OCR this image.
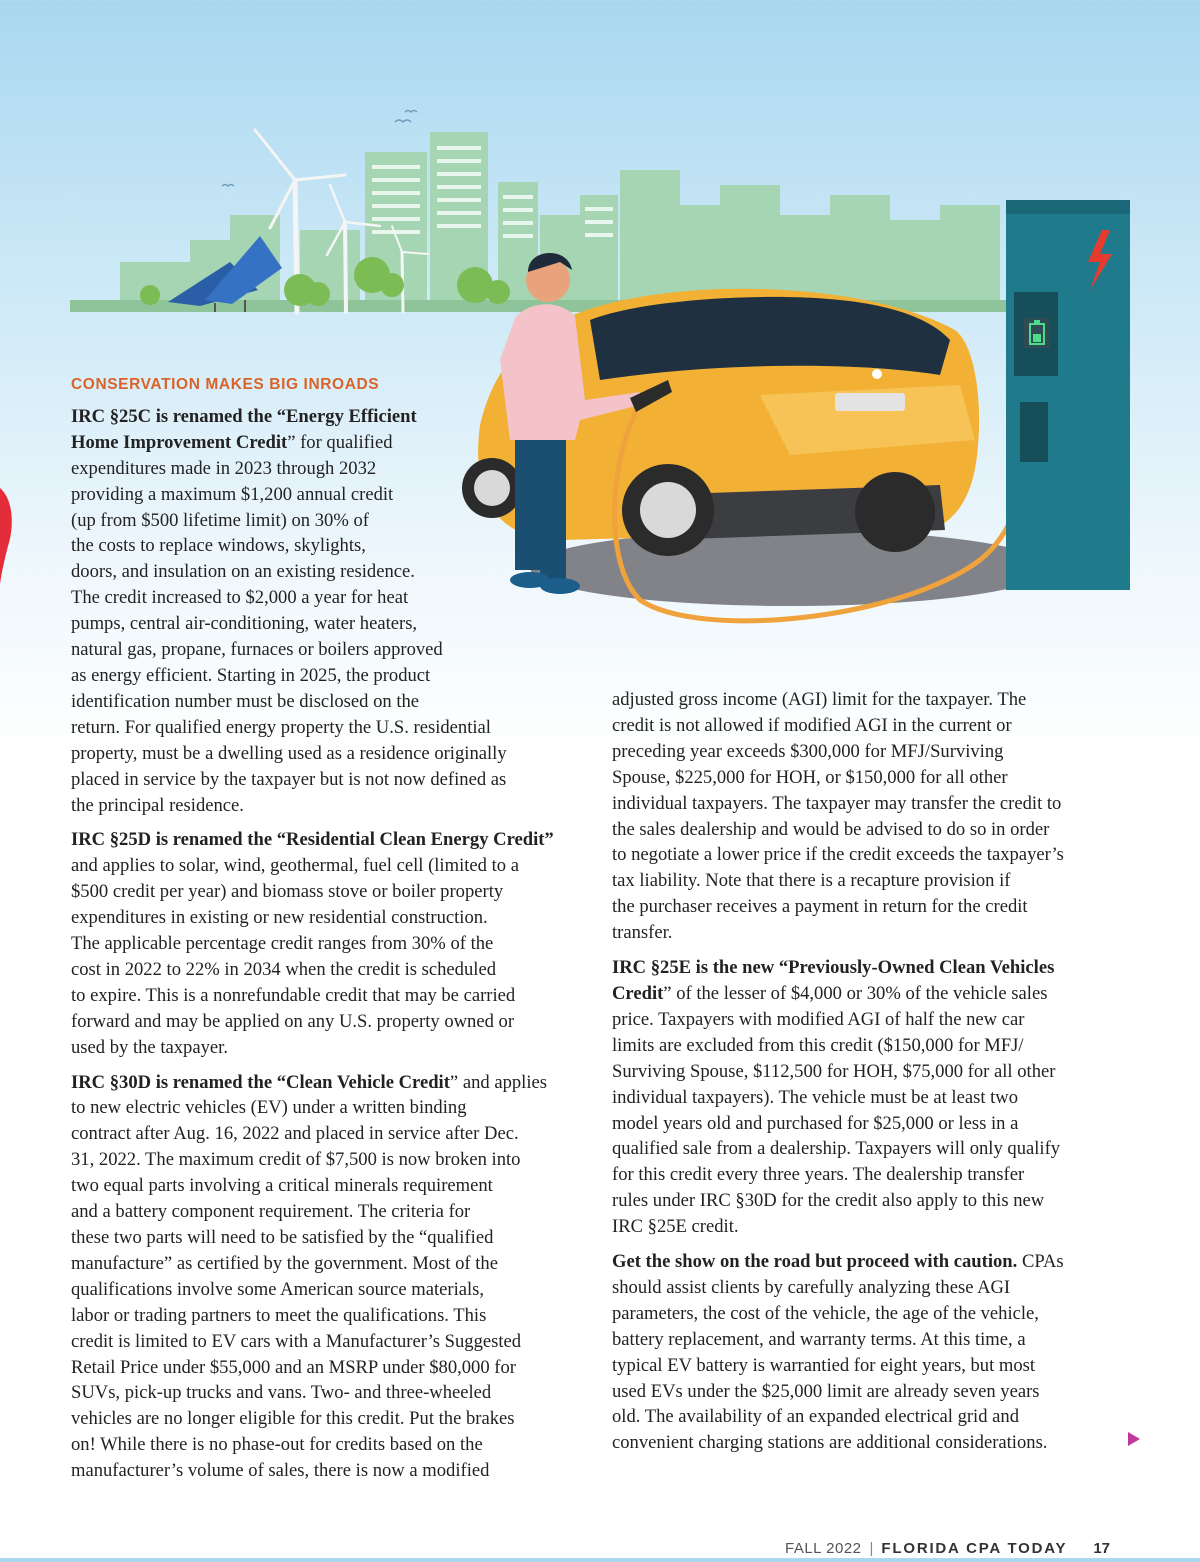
CONSERVATION MAKES BIG INROADS

IRC §25C is renamed the “Energy Efficient
Home Improvement Credit” for qualified
expenditures made in 2023 through 2032
providing a maximum $1,200 annual credit
(up from $500 lifetime limit) on 30% of
the costs to replace windows, skylights,
doors, and insulation on an existing residence.
The credit increased to $2,000 a year for heat
pumps, central air-conditioning, water heaters,
natural gas, propane, furnaces or boilers approved
as energy efficient. Starting in 2025, the product
identification number must be disclosed on the
return. For qualified energy property the U.S. residential
property, must be a dwelling used as a residence originally
placed in service by the taxpayer but is not now defined as
the principal residence.

IRC §25D is renamed the “Residential Clean Energy Credit”
and applies to solar, wind, geothermal, fuel cell (limited to a
$500 credit per year) and biomass stove or boiler property
expenditures in existing or new residential construction.
The applicable percentage credit ranges from 30% of the
cost in 2022 to 22% in 2034 when the credit is scheduled
to expire. This is a nonrefundable credit that may be carried
forward and may be applied on any U.S. property owned or
used by the taxpayer.

IRC §30D is renamed the “Clean Vehicle Credit” and applies
to new electric vehicles (EV) under a written binding
contract after Aug. 16, 2022 and placed in service after Dec.
31, 2022. The maximum credit of $7,500 is now broken into
two equal parts involving a critical minerals requirement
and a battery component requirement. The criteria for
these two parts will need to be satisfied by the “qualified
manufacture” as certified by the government. Most of the
qualifications involve some American source materials,
labor or trading partners to meet the qualifications. This
credit is limited to EV cars with a Manufacturer’s Suggested
Retail Price under $55,000 and an MSRP under $80,000 for
SUVs, pick-up trucks and vans. Two- and three-wheeled
vehicles are no longer eligible for this credit. Put the brakes
on! While there is no phase-out for credits based on the
manufacturer’s volume of sales, there is now a modified

adjusted gross income (AGI) limit for the taxpayer. The
credit is not allowed if modified AGI in the current or
preceding year exceeds $300,000 for MFJ/Surviving
Spouse, $225,000 for HOH, or $150,000 for all other
individual taxpayers. The taxpayer may transfer the credit to
the sales dealership and would be advised to do so in order
to negotiate a lower price if the credit exceeds the taxpayer’s
tax liability. Note that there is a recapture provision if
the purchaser receives a payment in return for the credit
transfer.

IRC §25E is the new “Previously-Owned Clean Vehicles
Credit” of the lesser of $4,000 or 30% of the vehicle sales
price. Taxpayers with modified AGI of half the new car
limits are excluded from this credit ($150,000 for MFJ/
Surviving Spouse, $112,500 for HOH, $75,000 for all other
individual taxpayers). The vehicle must be at least two
model years old and purchased for $25,000 or less in a
qualified sale from a dealership. Taxpayers will only qualify
for this credit every three years. The dealership transfer
rules under IRC §30D for the credit also apply to this new
IRC §25E credit.

Get the show on the road but proceed with caution. CPAs
should assist clients by carefully analyzing these AGI
parameters, the cost of the vehicle, the age of the vehicle,
battery replacement, and warranty terms. At this time, a
typical EV battery is warrantied for eight years, but most
used EVs under the $25,000 limit are already seven years
old. The availability of an expanded electrical grid and
convenient charging stations are additional considerations.

FALL 2022 | FLORIDA CPA TODAY 17
